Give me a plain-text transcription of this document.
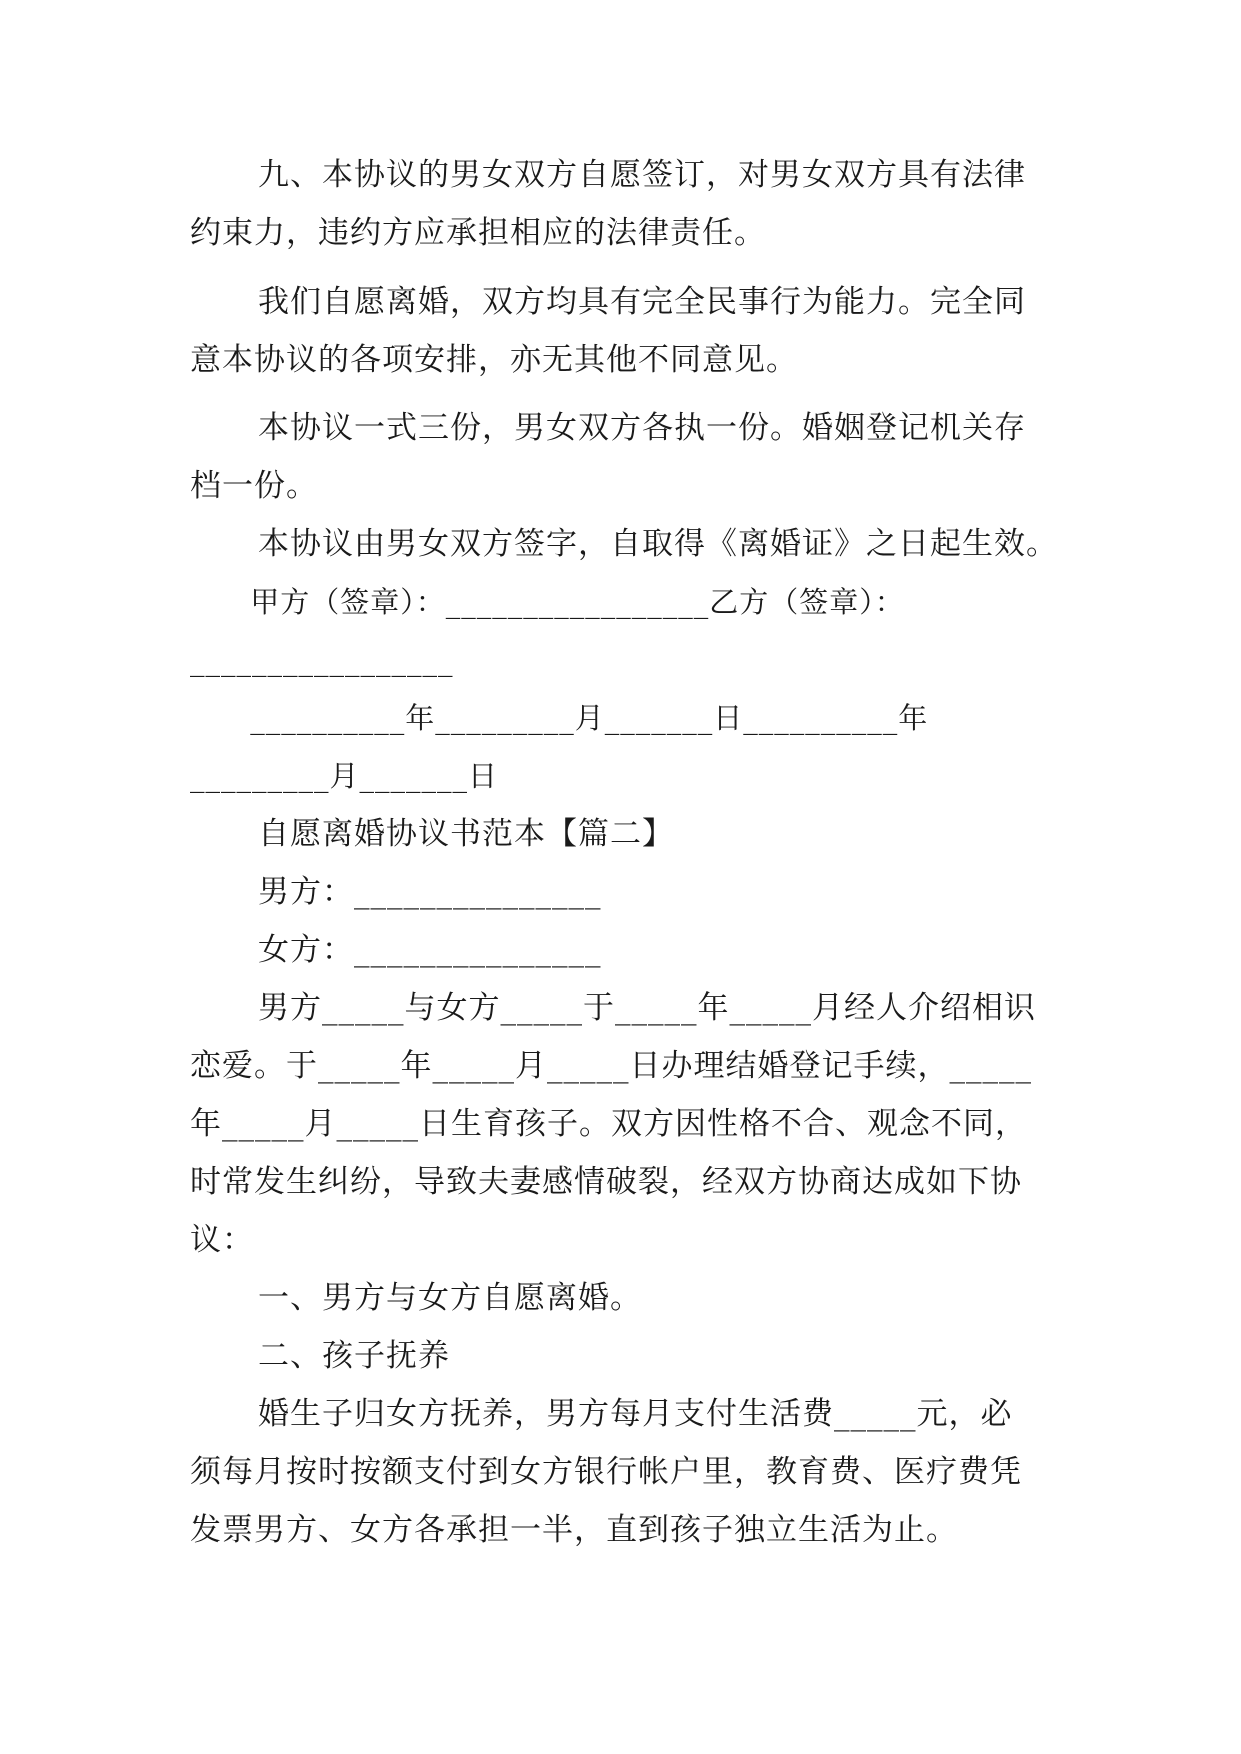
九、本协议的男女双方自愿签订，对男女双方具有法律
约束力，违约方应承担相应的法律责任。
我们自愿离婚，双方均具有完全民事行为能力。完全同
意本协议的各项安排，亦无其他不同意见。
本协议一式三份，男女双方各执一份。婚姻登记机关存
档一份。
本协议由男女双方签字，自取得《离婚证》之日起生效。
甲方（签章）：_________________乙方（签章）：
_________________
__________年_________月_______日__________年
_________月_______日
自愿离婚协议书范本【篇二】
男方：_______________
女方：_______________
男方_____与女方_____于_____年_____月经人介绍相识
恋爱。于_____年_____月_____日办理结婚登记手续，_____
年_____月_____日生育孩子。双方因性格不合、观念不同，
时常发生纠纷，导致夫妻感情破裂，经双方协商达成如下协
议：
一、男方与女方自愿离婚。
二、孩子抚养
婚生子归女方抚养，男方每月支付生活费_____元，必
须每月按时按额支付到女方银行帐户里，教育费、医疗费凭
发票男方、女方各承担一半，直到孩子独立生活为止。
